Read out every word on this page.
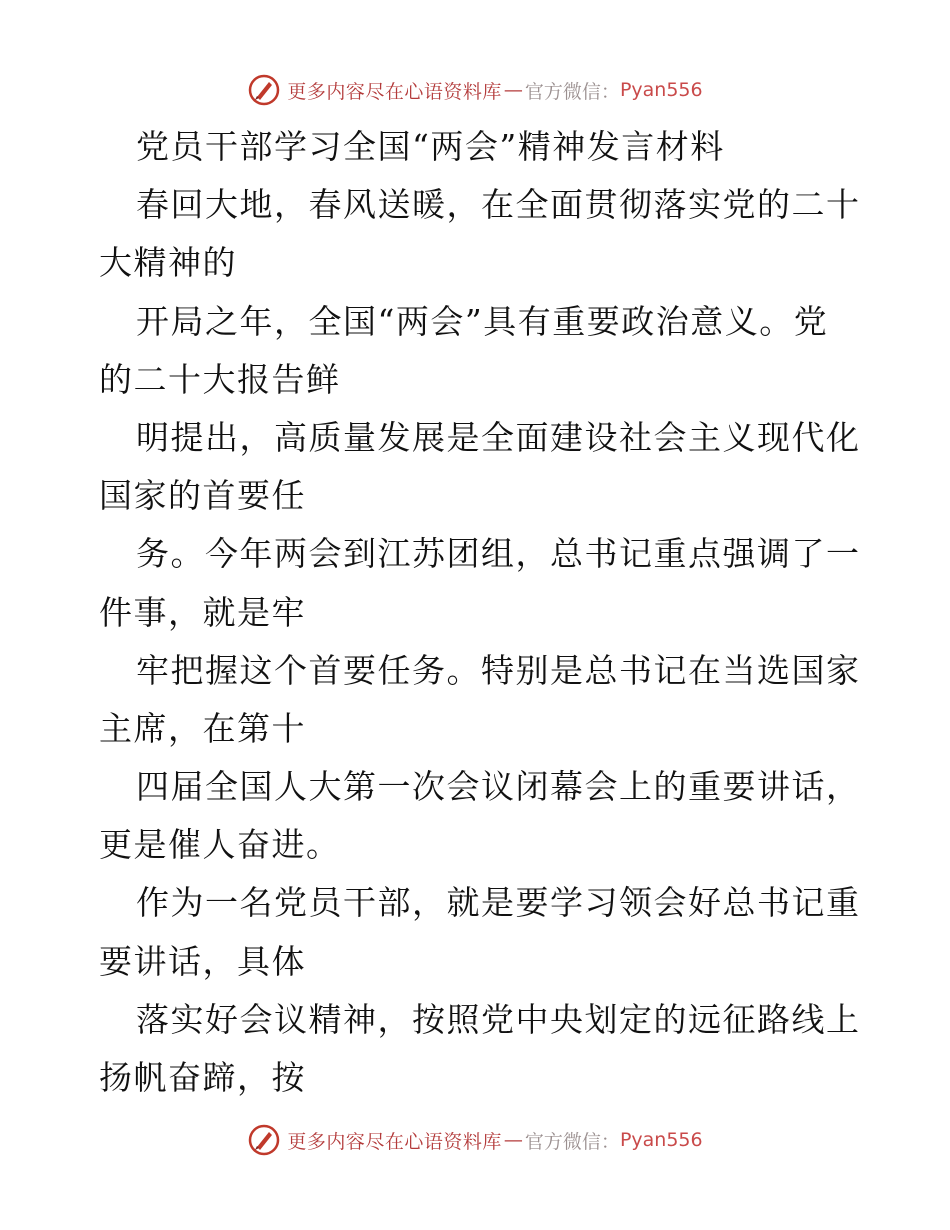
更多内容尽在心语资料库 — 官方微信： Pyan556
党员干部学习全国“两会”精神发言材料
春回大地，春风送暖，在全面贯彻落实党的二十
大精神的
开局之年，全国“两会”具有重要政治意义。党
的二十大报告鲜
明提出，高质量发展是全面建设社会主义现代化
国家的首要任
务。今年两会到江苏团组，总书记重点强调了一
件事，就是牢
牢把握这个首要任务。特别是总书记在当选国家
主席，在第十
四届全国人大第一次会议闭幕会上的重要讲话，
更是催人奋进。
作为一名党员干部，就是要学习领会好总书记重
要讲话，具体
落实好会议精神，按照党中央划定的远征路线上
扬帆奋蹄，按
更多内容尽在心语资料库 — 官方微信： Pyan556
